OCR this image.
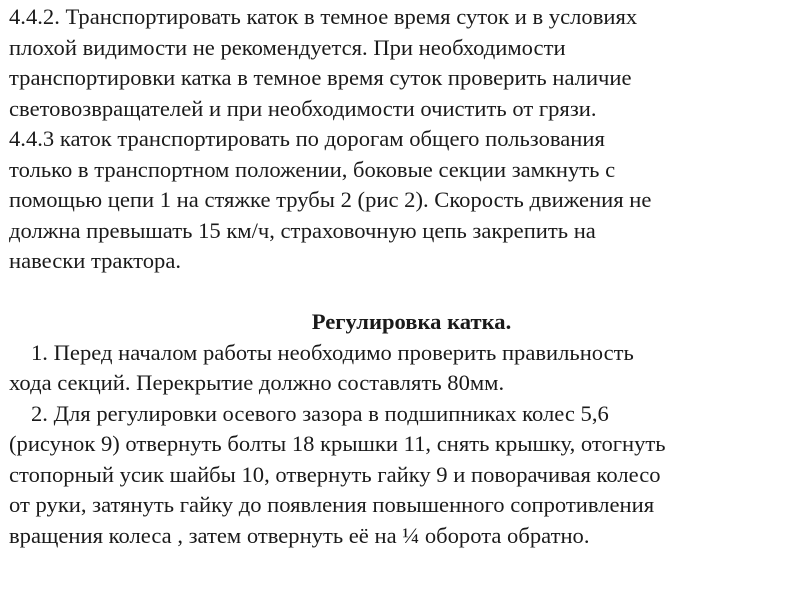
4.4.2. Транспортировать каток в темное время суток и в условиях
плохой видимости не рекомендуется. При необходимости
транспортировки катка в темное время суток проверить наличие
световозвращателей и при необходимости очистить от грязи.
4.4.3 каток транспортировать по дорогам общего пользования
только в транспортном положении, боковые секции замкнуть с
помощью цепи 1 на стяжке трубы 2 (рис 2). Скорость движения не
должна превышать 15 км/ч, страховочную цепь закрепить на
навески трактора.
Регулировка катка.
1. Перед началом работы необходимо проверить правильность
хода секций. Перекрытие должно составлять 80мм.
2. Для регулировки осевого зазора в подшипниках колес 5,6
(рисунок 9) отвернуть болты 18 крышки 11, снять крышку, отогнуть
стопорный усик шайбы 10, отвернуть гайку 9 и поворачивая колесо
от руки, затянуть гайку до появления повышенного сопротивления
вращения колеса , затем отвернуть её на ¼ оборота обратно.
